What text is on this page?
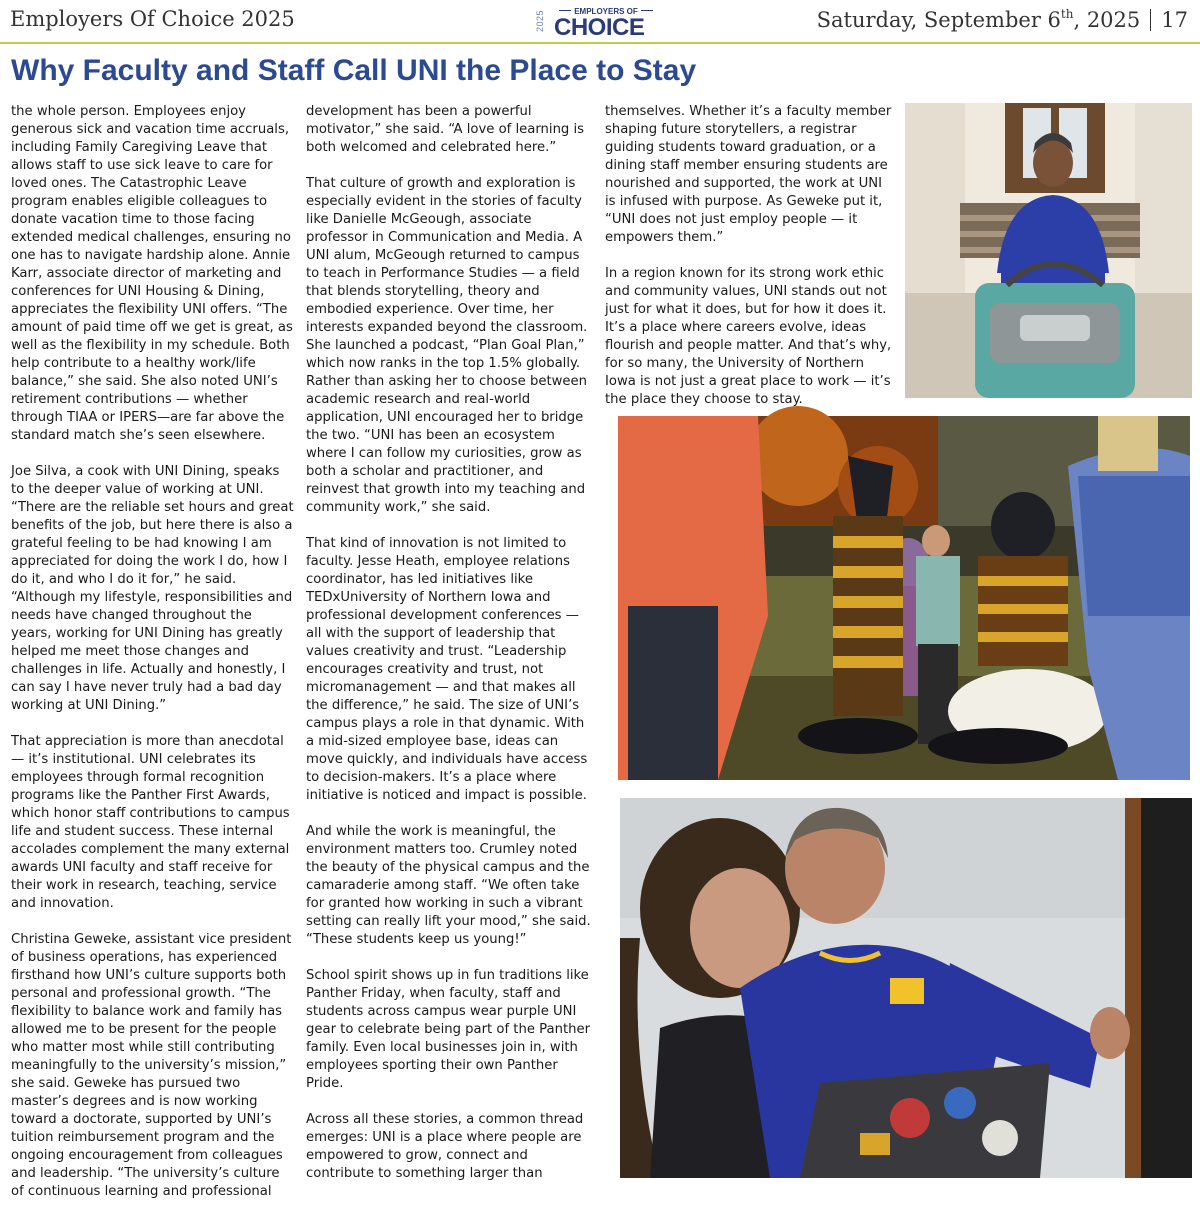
Employers Of Choice 2025	2025	EMPLOYERS OF
CHOICE	Saturday, September 6th, 2025 17
Why Faculty and Staff Call UNI the Place to Stay

the whole person. Employees enjoy generous sick and vacation time accruals, including Family Caregiving Leave that allows staff to use sick leave to care for loved ones. The Catastrophic Leave program enables eligible colleagues to donate vacation time to those facing extended medical challenges, ensuring no one has to navigate hardship alone. Annie Karr, associate director of marketing and conferences for UNI Housing & Dining, appreciates the flexibility UNI offers. “The amount of paid time off we get is great, as well as the flexibility in my schedule. Both help contribute to a healthy work/life balance,” she said. She also noted UNI’s retirement contributions — whether through TIAA or IPERS—are far above the standard match she’s seen elsewhere.

Joe Silva, a cook with UNI Dining, speaks to the deeper value of working at UNI. “There are the reliable set hours and great benefits of the job, but here there is also a grateful feeling to be had knowing I am appreciated for doing the work I do, how I do it, and who I do it for,” he said. “Although my lifestyle, responsibilities and needs have changed throughout the years, working for UNI Dining has greatly helped me meet those changes and challenges in life. Actually and honestly, I can say I have never truly had a bad day working at UNI Dining.”

That appreciation is more than anecdotal — it’s institutional. UNI celebrates its employees through formal recognition programs like the Panther First Awards, which honor staff contributions to campus life and student success. These internal accolades complement the many external awards UNI faculty and staff receive for their work in research, teaching, service and innovation.

Christina Geweke, assistant vice president of business operations, has experienced firsthand how UNI’s culture supports both personal and professional growth. “The flexibility to balance work and family has allowed me to be present for the people who matter most while still contributing meaningfully to the university’s mission,” she said. Geweke has pursued two master’s degrees and is now working toward a doctorate, supported by UNI’s tuition reimbursement program and the ongoing encouragement from colleagues and leadership. “The university’s culture of continuous learning and professional

development has been a powerful motivator,” she said. “A love of learning is both welcomed and celebrated here.”

That culture of growth and exploration is especially evident in the stories of faculty like Danielle McGeough, associate professor in Communication and Media. A UNI alum, McGeough returned to campus to teach in Performance Studies — a field that blends storytelling, theory and embodied experience. Over time, her interests expanded beyond the classroom. She launched a podcast, “Plan Goal Plan,” which now ranks in the top 1.5% globally. Rather than asking her to choose between academic research and real-world application, UNI encouraged her to bridge the two. “UNI has been an ecosystem where I can follow my curiosities, grow as both a scholar and practitioner, and reinvest that growth into my teaching and community work,” she said.

That kind of innovation is not limited to faculty. Jesse Heath, employee relations coordinator, has led initiatives like TEDxUniversity of Northern Iowa and professional development conferences — all with the support of leadership that values creativity and trust. “Leadership encourages creativity and trust, not micromanagement — and that makes all the difference,” he said. The size of UNI’s campus plays a role in that dynamic. With a mid-sized employee base, ideas can move quickly, and individuals have access to decision-makers. It’s a place where initiative is noticed and impact is possible.

And while the work is meaningful, the environment matters too. Crumley noted the beauty of the physical campus and the camaraderie among staff. “We often take for granted how working in such a vibrant setting can really lift your mood,” she said. “These students keep us young!”

School spirit shows up in fun traditions like Panther Friday, when faculty, staff and students across campus wear purple UNI gear to celebrate being part of the Panther family. Even local businesses join in, with employees sporting their own Panther Pride.

Across all these stories, a common thread emerges: UNI is a place where people are empowered to grow, connect and contribute to something larger than

themselves. Whether it’s a faculty member shaping future storytellers, a registrar guiding students toward graduation, or a dining staff member ensuring students are nourished and supported, the work at UNI is infused with purpose. As Geweke put it, “UNI does not just employ people — it empowers them.”

In a region known for its strong work ethic and community values, UNI stands out not just for what it does, but for how it does it. It’s a place where careers evolve, ideas flourish and people matter. And that’s why, for so many, the University of Northern Iowa is not just a great place to work — it’s the place they choose to stay.
